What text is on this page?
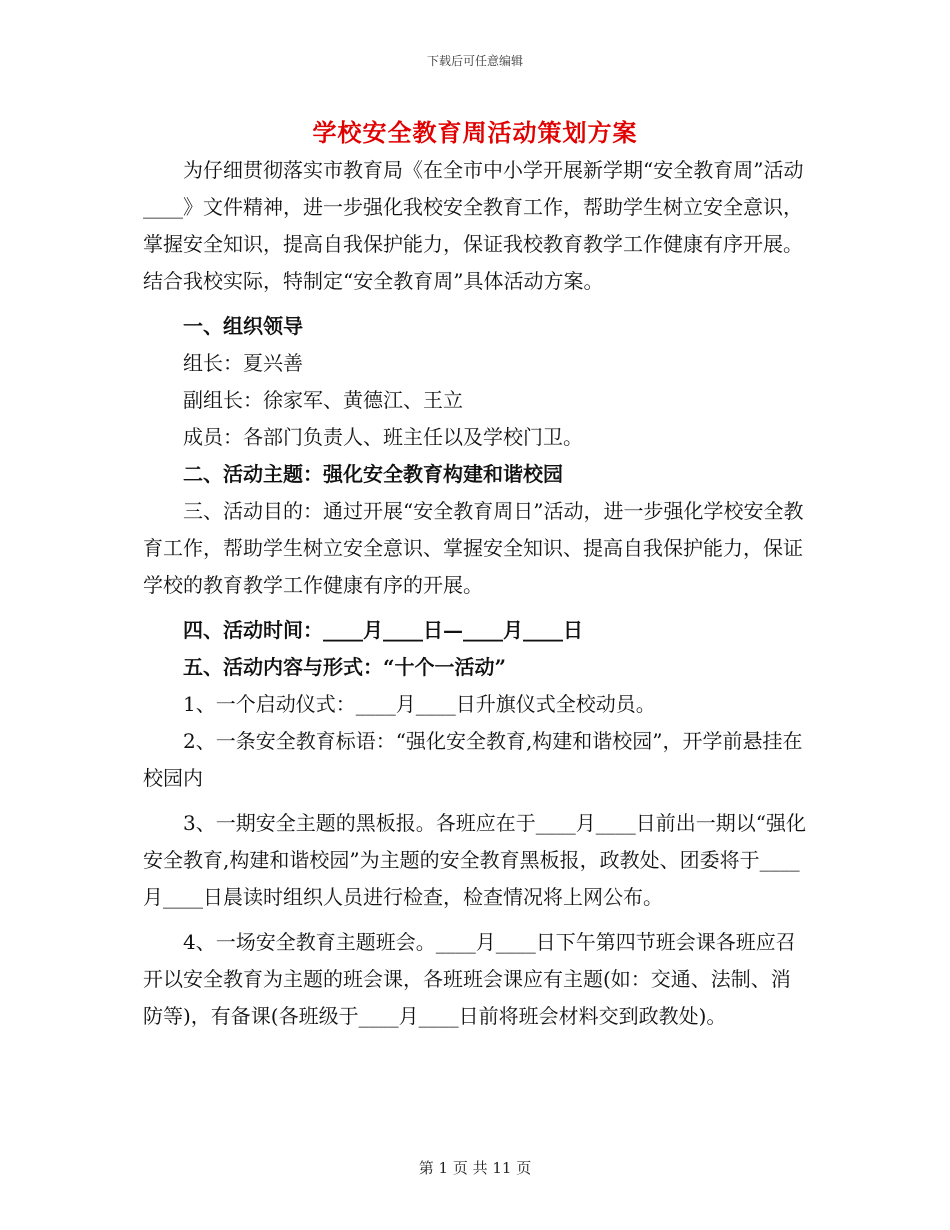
下载后可任意编辑
学校安全教育周活动策划方案

为仔细贯彻落实市教育局《在全市中小学开展新学期“安全教育周”活动____》文件精神，进一步强化我校安全教育工作，帮助学生树立安全意识，掌握安全知识，提高自我保护能力，保证我校教育教学工作健康有序开展。结合我校实际，特制定“安全教育周”具体活动方案。

一、组织领导

组长：夏兴善

副组长：徐家军、黄德江、王立

成员：各部门负责人、班主任以及学校门卫。

二、活动主题：强化安全教育构建和谐校园

三、活动目的：通过开展“安全教育周日”活动，进一步强化学校安全教育工作，帮助学生树立安全意识、掌握安全知识、提高自我保护能力，保证学校的教育教学工作健康有序的开展。

四、活动时间：____月____日—____月____日

五、活动内容与形式：“十个一活动”

1、一个启动仪式：____月____日升旗仪式全校动员。

2、一条安全教育标语：“强化安全教育,构建和谐校园”，开学前悬挂在校园内

3、一期安全主题的黑板报。各班应在于____月____日前出一期以“强化安全教育,构建和谐校园”为主题的安全教育黑板报，政教处、团委将于____月____日晨读时组织人员进行检查，检查情况将上网公布。

4、一场安全教育主题班会。____月____日下午第四节班会课各班应召开以安全教育为主题的班会课，各班班会课应有主题(如：交通、法制、消防等)，有备课(各班级于____月____日前将班会材料交到政教处)。

第 1 页 共 11 页
